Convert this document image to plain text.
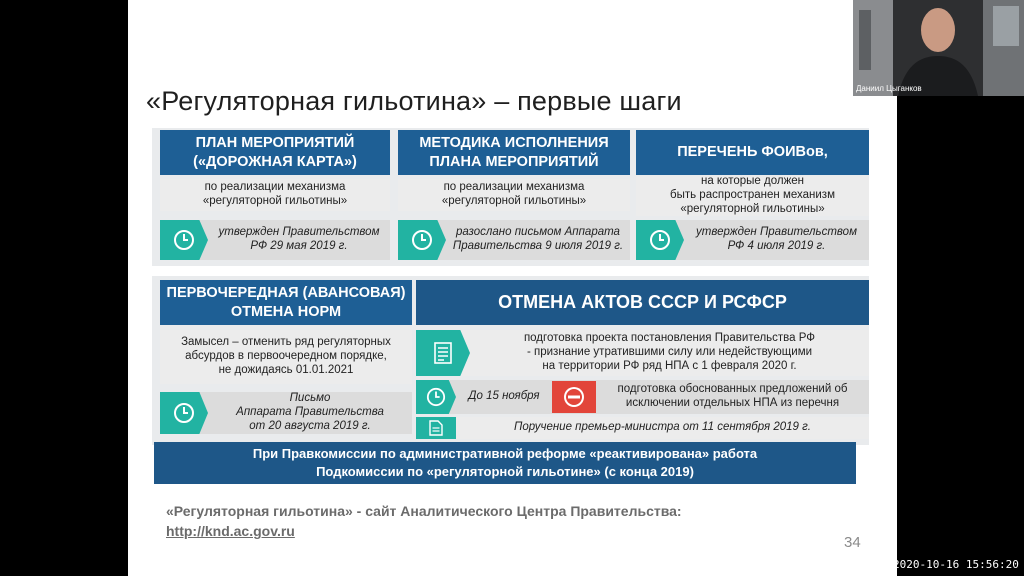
«Регуляторная гильотина» – первые шаги
ПЛАН МЕРОПРИЯТИЙ
(«ДОРОЖНАЯ КАРТА»)
МЕТОДИКА ИСПОЛНЕНИЯ
ПЛАНА МЕРОПРИЯТИЙ
ПЕРЕЧЕНЬ ФОИВов,
по реализации механизма
«регуляторной гильотины»
по реализации механизма
«регуляторной гильотины»
на которые должен
быть распространен механизм
«регуляторной гильотины»
утвержден Правительством
РФ 29 мая 2019 г.
разослано письмом Аппарата
Правительства 9 июля 2019 г.
утвержден Правительством
РФ 4 июля 2019 г.
ПЕРВОЧЕРЕДНАЯ (АВАНСОВАЯ)
ОТМЕНА НОРМ
Замысел – отменить ряд регуляторных
абсурдов в первоочередном порядке,
не дожидаясь 01.01.2021
Письмо
Аппарата Правительства
от 20 августа 2019 г.
ОТМЕНА АКТОВ СССР И РСФСР
подготовка проекта постановления Правительства РФ
- признание утратившими силу или недействующими
на территории РФ ряд НПА с 1 февраля 2020 г.
До 15 ноября
подготовка обоснованных предложений об
исключении отдельных НПА из перечня
Поручение премьер-министра от 11 сентября 2019 г.
При Правкомиссии по административной реформе «реактивирована» работа
Подкомиссии по «регуляторной гильотине» (с конца 2019)
«Регуляторная гильотина» - сайт Аналитического Центра Правительства:
http://knd.ac.gov.ru
34
Даниил Цыганков
2020-10-16 15:56:20
